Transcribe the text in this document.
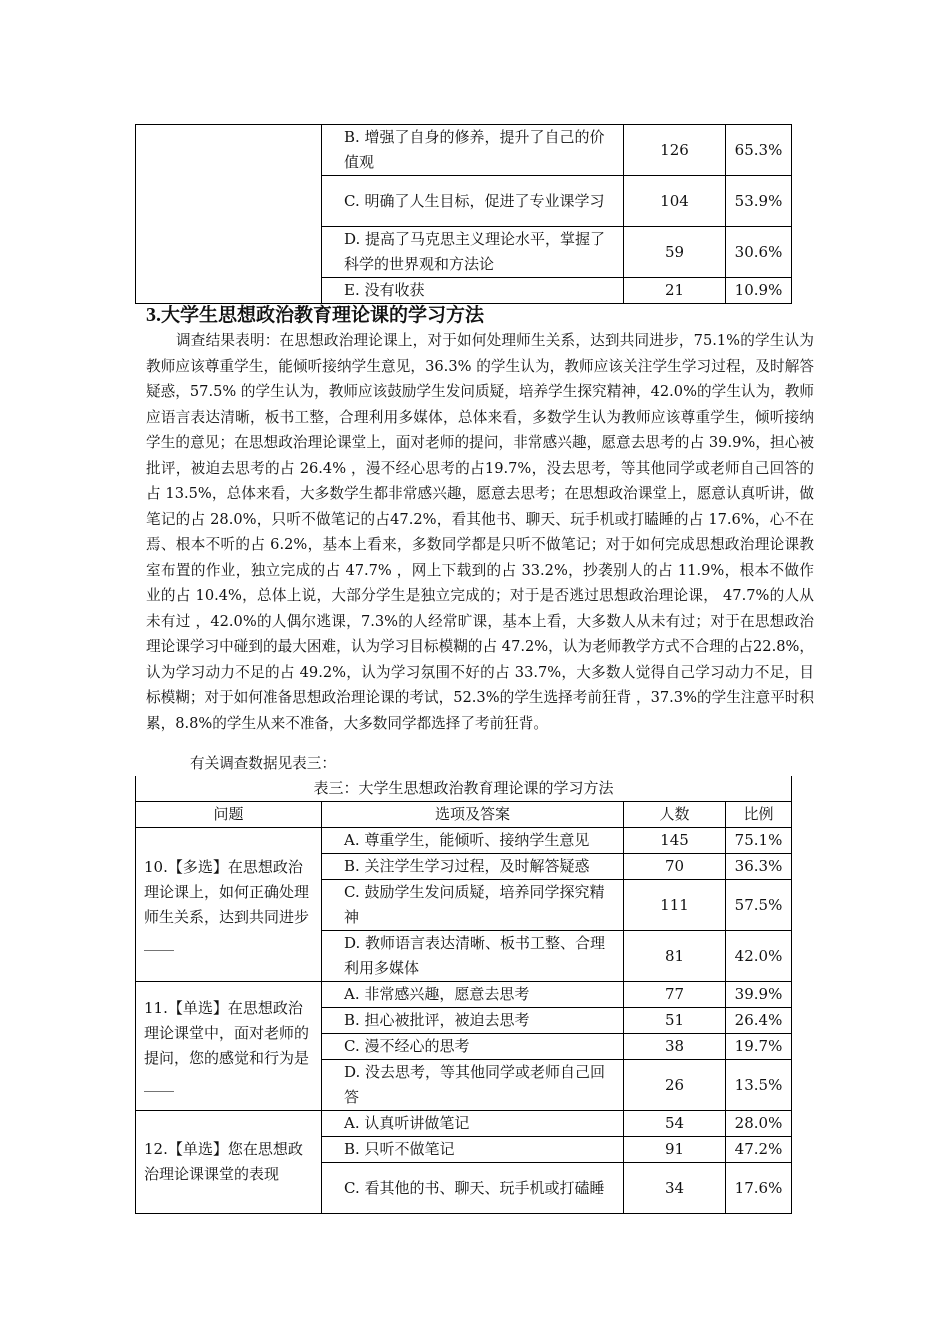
	B. 增强了自身的修养，提升了自己的价值观	126	65.3%
	C. 明确了人生目标，促进了专业课学习	104	53.9%
	D. 提高了马克思主义理论水平，掌握了科学的世界观和方法论	59	30.6%
	E. 没有收获	21	10.9%
3.大学生思想政治教育理论课的学习方法

调查结果表明：在思想政治理论课上，对于如何处理师生关系，达到共同进步，75.1%的学生认为教师应该尊重学生，能倾听接纳学生意见，36.3% 的学生认为，教师应该关注学生学习过程，及时解答疑惑，57.5% 的学生认为，教师应该鼓励学生发问质疑，培养学生探究精神，42.0%的学生认为，教师应语言表达清晰，板书工整，合理利用多媒体，总体来看，多数学生认为教师应该尊重学生，倾听接纳学生的意见；在思想政治理论课堂上，面对老师的提问，非常感兴趣，愿意去思考的占 39.9%，担心被批评，被迫去思考的占 26.4% ，漫不经心思考的占19.7%，没去思考，等其他同学或老师自己回答的占 13.5%，总体来看，大多数学生都非常感兴趣，愿意去思考；在思想政治课堂上，愿意认真听讲，做笔记的占 28.0%，只听不做笔记的占47.2%，看其他书、聊天、玩手机或打瞌睡的占 17.6%，心不在焉、根本不听的占 6.2%，基本上看来，多数同学都是只听不做笔记；对于如何完成思想政治理论课教室布置的作业，独立完成的占 47.7% ，网上下载到的占 33.2%，抄袭别人的占 11.9%，根本不做作业的占 10.4%，总体上说，大部分学生是独立完成的；对于是否逃过思想政治理论课， 47.7%的人从未有过 ，42.0%的人偶尔逃课，7.3%的人经常旷课，基本上看，大多数人从未有过；对于在思想政治理论课学习中碰到的最大困难，认为学习目标模糊的占 47.2%，认为老师教学方式不合理的占22.8%，认为学习动力不足的占 49.2%，认为学习氛围不好的占 33.7%，大多数人觉得自己学习动力不足，目标模糊；对于如何准备思想政治理论课的考试，52.3%的学生选择考前狂背 ，37.3%的学生注意平时积累，8.8%的学生从来不准备，大多数同学都选择了考前狂背。

有关调查数据见表三：

表三：大学生思想政治教育理论课的学习方法			
问题	选项及答案	人数	比例
10.【多选】在思想政治理论课上，如何正确处理师生关系，达到共同进步____	A. 尊重学生，能倾听、接纳学生意见	145	75.1%
	B. 关注学生学习过程，及时解答疑惑	70	36.3%
	C. 鼓励学生发问质疑，培养同学探究精神	111	57.5%
	D. 教师语言表达清晰、板书工整、合理利用多媒体	81	42.0%
11.【单选】在思想政治理论课堂中，面对老师的提问，您的感觉和行为是____	A. 非常感兴趣，愿意去思考	77	39.9%
	B. 担心被批评，被迫去思考	51	26.4%
	C. 漫不经心的思考	38	19.7%
	D. 没去思考，等其他同学或老师自己回答	26	13.5%
12.【单选】您在思想政治理论课课堂的表现	A. 认真听讲做笔记	54	28.0%
	B. 只听不做笔记	91	47.2%
	C. 看其他的书、聊天、玩手机或打磕睡	34	17.6%
